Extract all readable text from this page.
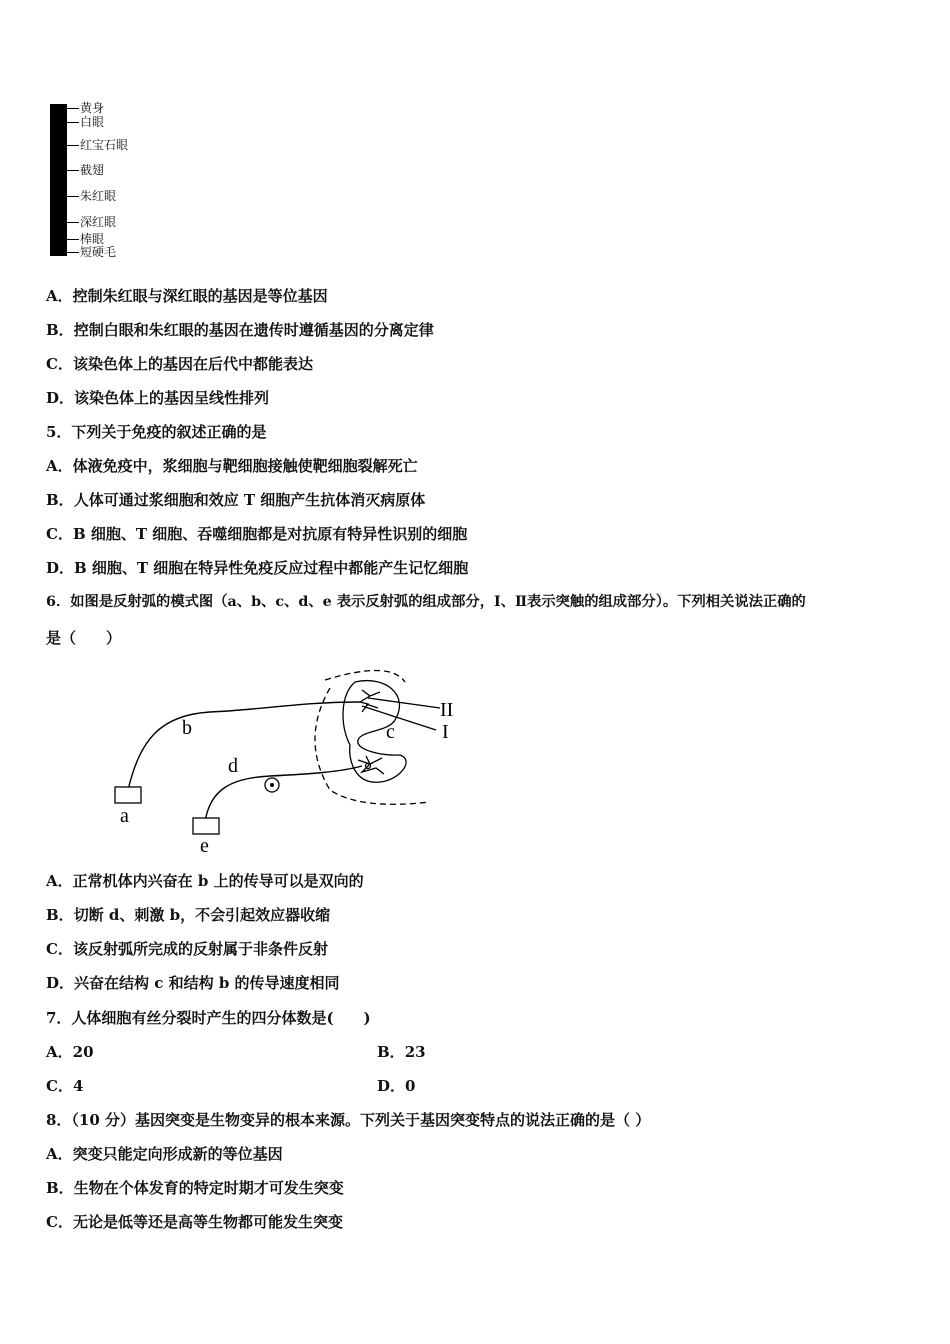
黄身
白眼
红宝石眼
截翅
朱红眼
深红眼
棒眼
短硬毛
A．控制朱红眼与深红眼的基因是等位基因
B．控制白眼和朱红眼的基因在遗传时遵循基因的分离定律
C．该染色体上的基因在后代中都能表达
D．该染色体上的基因呈线性排列
5．下列关于免疫的叙述正确的是
A．体液免疫中，浆细胞与靶细胞接触使靶细胞裂解死亡
B．人体可通过浆细胞和效应 T 细胞产生抗体消灭病原体
C．B 细胞、T 细胞、吞噬细胞都是对抗原有特异性识别的细胞
D．B 细胞、T 细胞在特异性免疫反应过程中都能产生记忆细胞
6．如图是反射弧的模式图（a、b、c、d、e 表示反射弧的组成部分，Ⅰ、Ⅱ表示突触的组成部分）。下列相关说法正确的
是（　　）
b	c
d
a
e
II
I
A．正常机体内兴奋在 b 上的传导可以是双向的
B．切断 d、刺激 b，不会引起效应器收缩
C．该反射弧所完成的反射属于非条件反射
D．兴奋在结构 c 和结构 b 的传导速度相同
7．人体细胞有丝分裂时产生的四分体数是(　　)
A．20	B．23
C．4	D．0
8．（10 分）基因突变是生物变异的根本来源。下列关于基因突变特点的说法正确的是（ ）
A．突变只能定向形成新的等位基因
B．生物在个体发育的特定时期才可发生突变
C．无论是低等还是高等生物都可能发生突变
